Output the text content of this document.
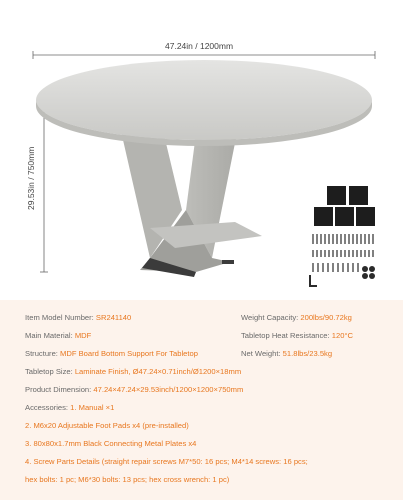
47.24in / 1200mm
29.53in / 750mm
Item Model Number: SR241140	Weight Capacity: 200lbs/90.72kg
Main Material: MDF	Tabletop Heat Resistance: 120°C
Structure: MDF Board Bottom Support For Tabletop	Net Weight: 51.8lbs/23.5kg
Tabletop Size: Laminate Finish, Ø47.24×0.71inch/Ø1200×18mm
Product Dimension: 47.24×47.24×29.53inch/1200×1200×750mm
Accessories: 1. Manual ×1
2. M6x20 Adjustable Foot Pads x4 (pre-installed)
3. 80x80x1.7mm Black Connecting Metal Plates x4
4. Screw Parts Details (straight repair screws M7*50: 16 pcs; M4*14 screws: 16 pcs;
hex bolts: 1 pc; M6*30 bolts: 13 pcs; hex cross wrench: 1 pc)
